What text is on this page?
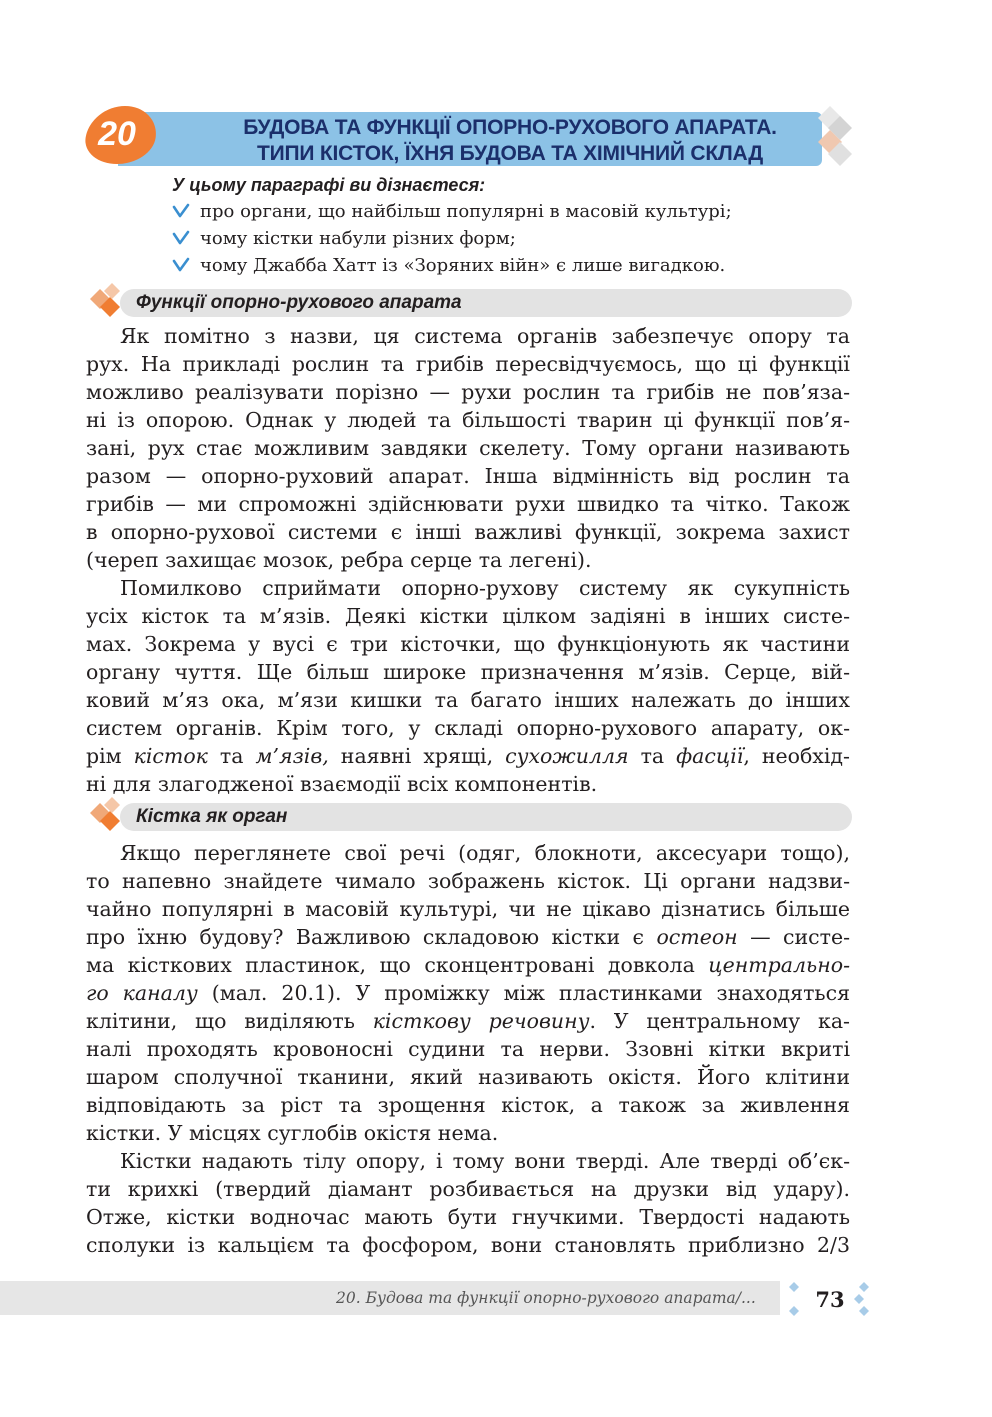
20	БУДОВА ТА ФУНКЦІЇ ОПОРНО-РУХОВОГО АПАРАТА.
ТИПИ КІСТОК, ЇХНЯ БУДОВА ТА ХІМІЧНИЙ СКЛАД
У цьому параграфі ви дізнаєтеся:
про органи, що найбільш популярні в масовій культурі;
чому кістки набули різних форм;
чому Джабба Хатт із «Зоряних війн» є лише вигадкою.
Функції опорно-рухового апарата
Як помітно з назви, ця система органів забезпечує опору та
рух. На прикладі рослин та грибів пересвідчуємось, що ці функції
можливо реалізувати порізно — рухи рослин та грибів не пов’яза-
ні із опорою. Однак у людей та більшості тварин ці функції пов’я-
зані, рух стає можливим завдяки скелету. Тому органи називають
разом — опорно-руховий апарат. Інша відмінність від рослин та
грибів — ми спроможні здійснювати рухи швидко та чітко. Також
в опорно-рухової системи є інші важливі функції, зокрема захист
(череп захищає мозок, ребра серце та легені).
Помилково сприймати опорно-рухову систему як сукупність
усіх кісток та м’язів. Деякі кістки цілком задіяні в інших систе-
мах. Зокрема у вусі є три кісточки, що функціонують як частини
органу чуття. Ще більш широке призначення м’язів. Серце, вій-
ковий м’яз ока, м’язи кишки та багато інших належать до інших
систем органів. Крім того, у складі опорно-рухового апарату, ок-
рім кісток та м’язів, наявні хрящі, сухожилля та фасції, необхід-
ні для злагодженої взаємодії всіх компонентів.
Кістка як орган
Якщо переглянете свої речі (одяг, блокноти, аксесуари тощо),
то напевно знайдете чимало зображень кісток. Ці органи надзви-
чайно популярні в масовій культурі, чи не цікаво дізнатись більше
про їхню будову? Важливою складовою кістки є остеон — систе-
ма кісткових пластинок, що сконцентровані довкола центрально-
го каналу (мал. 20.1). У проміжку між пластинками знаходяться
клітини, що виділяють кісткову речовину. У центральному ка-
налі проходять кровоносні судини та нерви. Ззовні кітки вкриті
шаром сполучної тканини, який називають окістя. Його клітини
відповідають за ріст та зрощення кісток, а також за живлення
кістки. У місцях суглобів окістя нема.
Кістки надають тілу опору, і тому вони тверді. Але тверді об’єк-
ти крихкі (твердий діамант розбивається на друзки від удару).
Отже, кістки водночас мають бути гнучкими. Твердості надають
сполуки із кальцієм та фосфором, вони становлять приблизно 2/3
20. Будова та функції опорно-рухового апарата/...	73
